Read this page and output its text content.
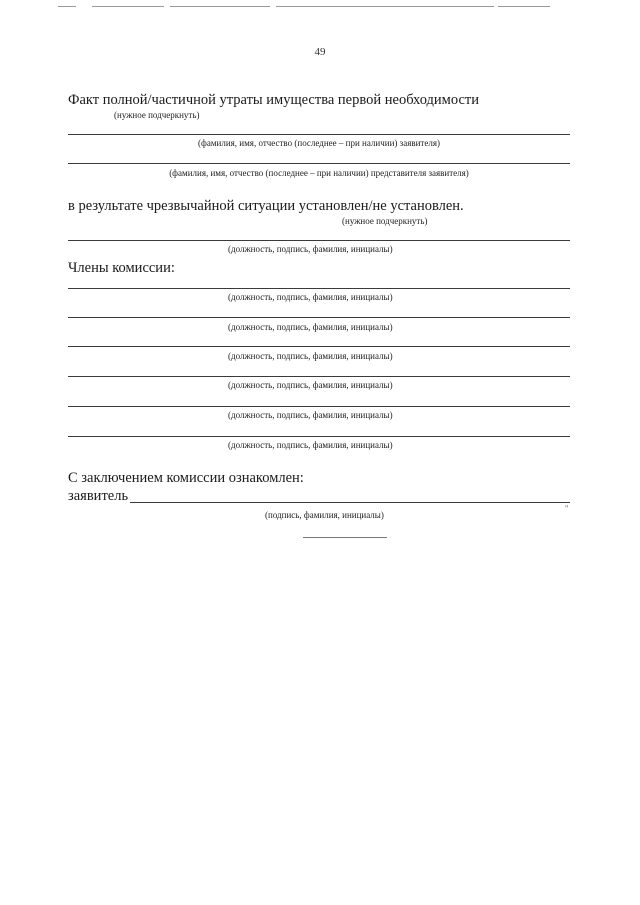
49
Факт полной/частичной утраты имущества первой необходимости
(нужное подчеркнуть)
(фамилия, имя, отчество (последнее – при наличии) заявителя)
(фамилия, имя, отчество (последнее – при наличии) представителя заявителя)
в результате чрезвычайной ситуации установлен/не установлен.
(нужное подчеркнуть)
(должность, подпись, фамилия, инициалы)
Члены комиссии:
(должность, подпись, фамилия, инициалы)
(должность, подпись, фамилия, инициалы)
(должность, подпись, фамилия, инициалы)
(должность, подпись, фамилия, инициалы)
(должность, подпись, фамилия, инициалы)
(должность, подпись, фамилия, инициалы)
С заключением комиссии ознакомлен:
заявитель
"
(подпись, фамилия, инициалы)
